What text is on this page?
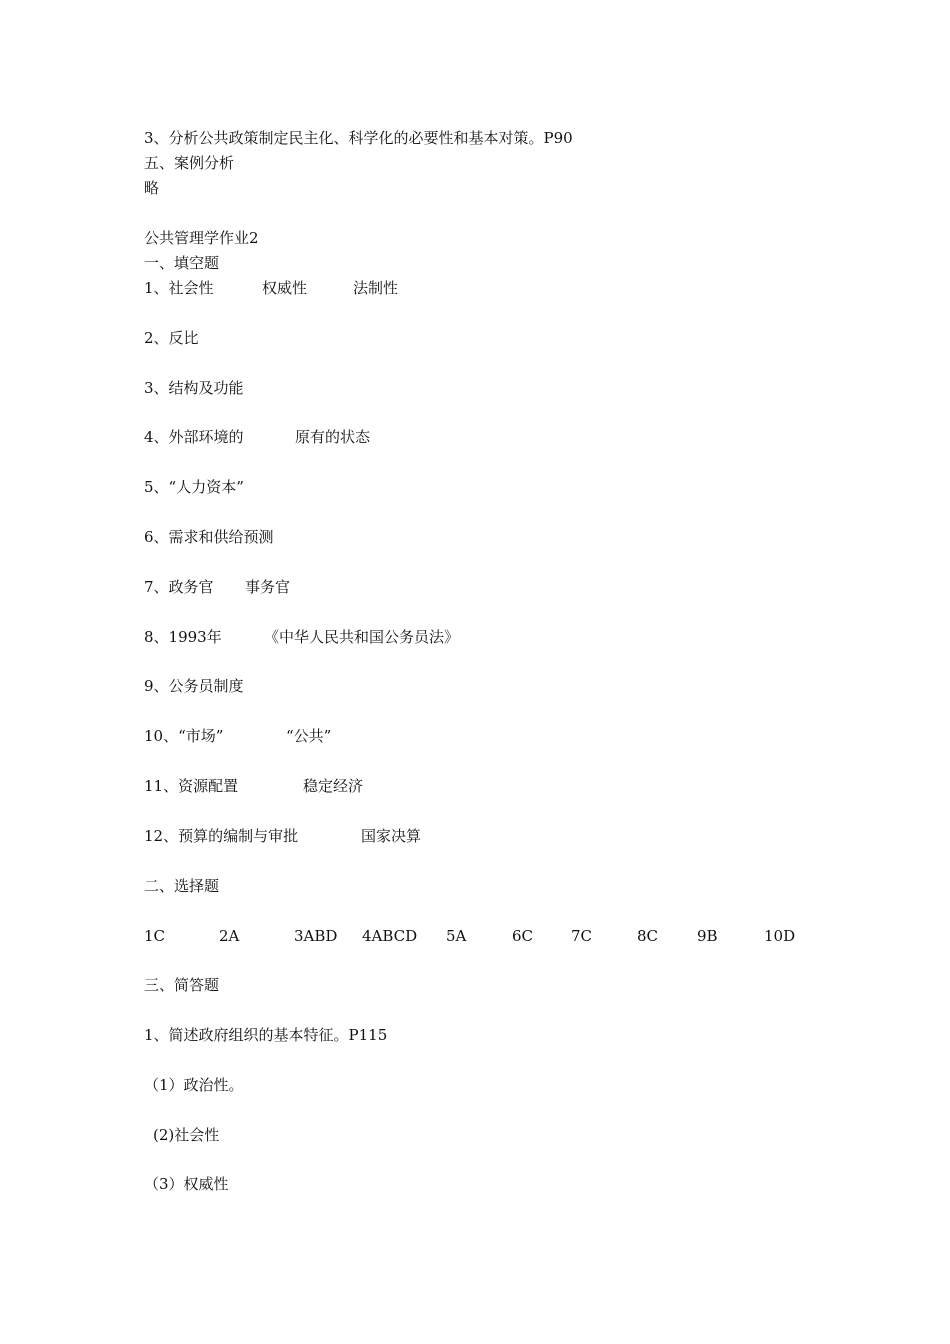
3、分析公共政策制定民主化、科学化的必要性和基本对策。P90
五、案例分析
略
公共管理学作业2
一、填空题
1、社会性	权威性	法制性
2、反比
3、结构及功能
4、外部环境的	原有的状态
5、“人力资本”
6、需求和供给预测
7、政务官 事务官
8、1993年	《中华人民共和国公务员法》
9、公务员制度
10、“市场”	“公共”
11、资源配置	稳定经济
12、预算的编制与审批	国家决算
二、选择题
1C	2A	3ABD 4ABCD 5A	6C	7C	8C	9B	10D
三、简答题
1、简述政府组织的基本特征。P115
（1）政治性。
(2)社会性
（3）权威性
